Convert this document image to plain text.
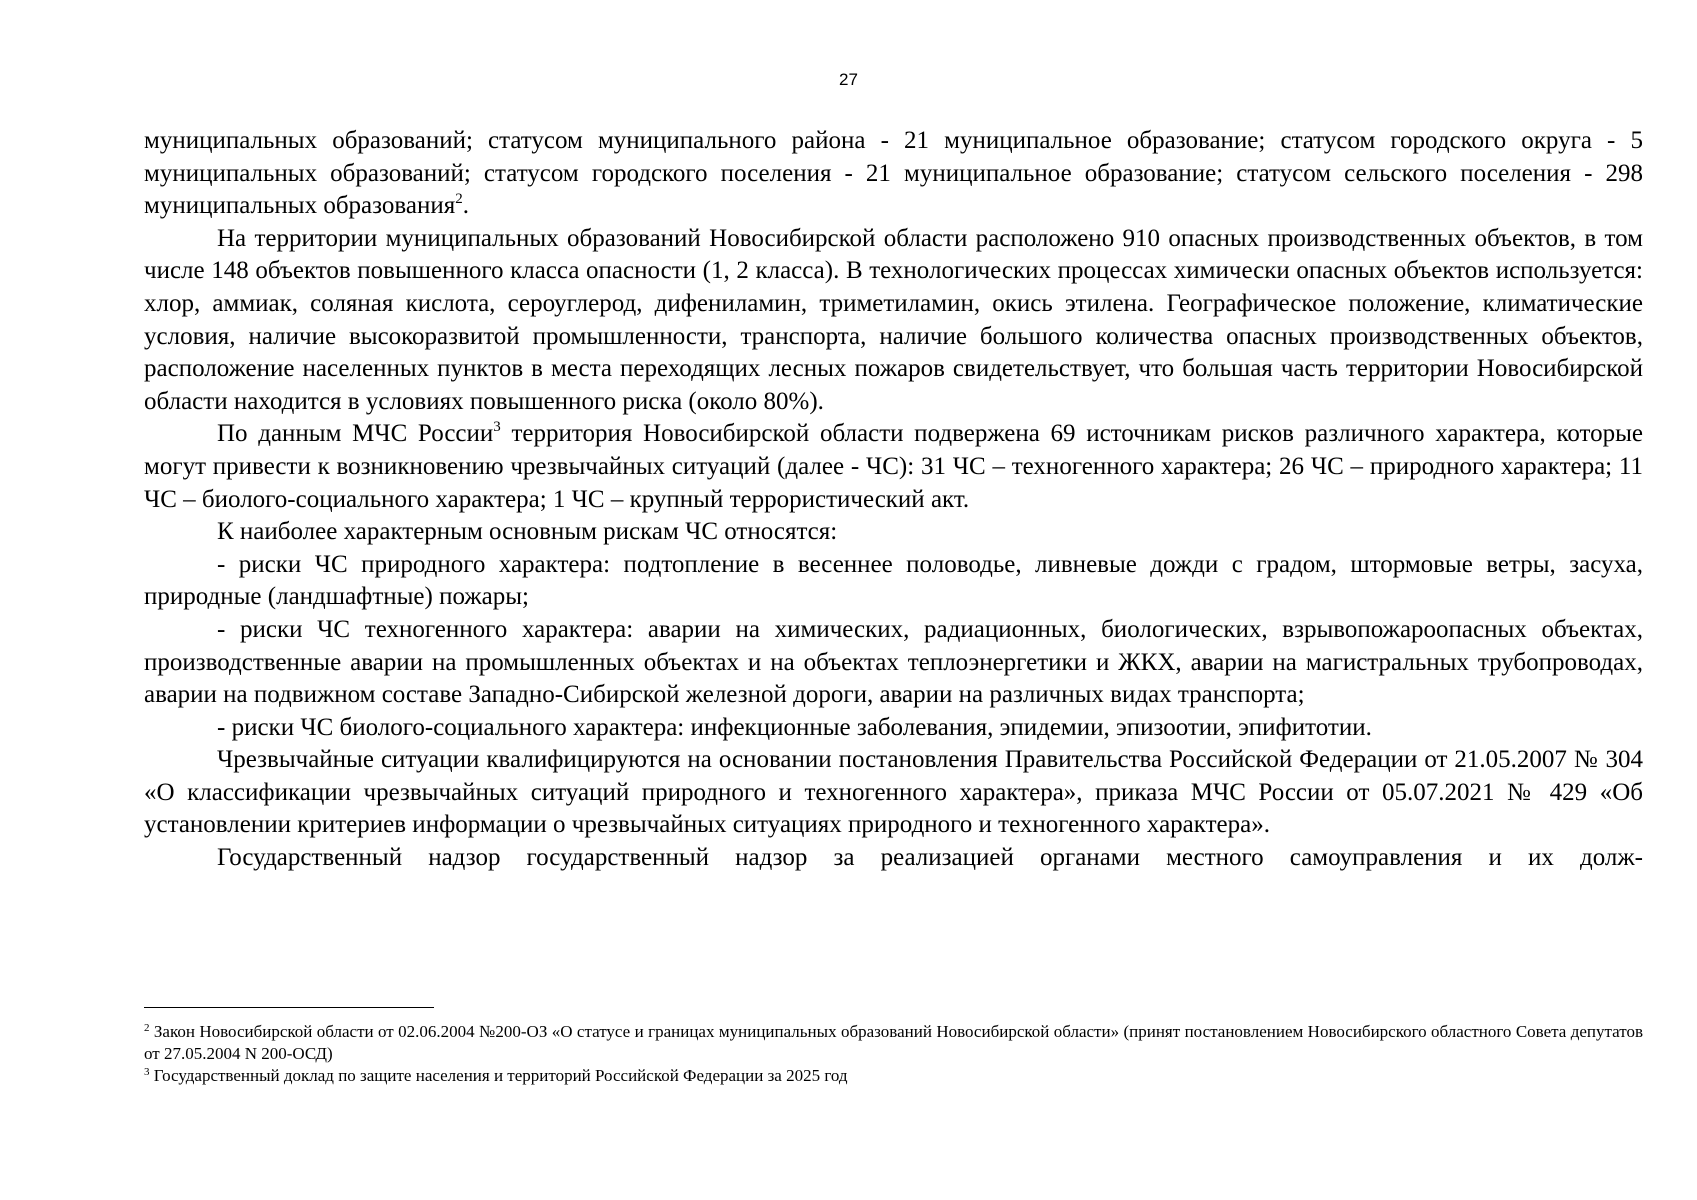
27

муниципальных образований; статусом муниципального района - 21 муниципальное образование; статусом городского округа - 5 муниципальных образований; статусом городского поселения - 21 муниципальное образование; статусом сельского поселения - 298 муниципальных образования$^2$.

На территории муниципальных образований Новосибирской области расположено 910 опасных производственных объектов, в том числе 148 объектов повышенного класса опасности (1, 2 класса). В технологических процессах химически опасных объектов используется: хлор, аммиак, соляная кислота, сероуглерод, дифениламин, триметиламин, окись этилена. Географическое положение, климатические условия, наличие высокоразвитой промышленности, транспорта, наличие большого количества опасных производственных объектов, расположение населенных пунктов в места переходящих лесных пожаров свидетельствует, что большая часть территории Новосибирской области находится в условиях повышенного риска (около 80%).

По данным МЧС России$^3$ территория Новосибирской области подвержена 69 источникам рисков различного характера, которые могут привести к возникновению чрезвычайных ситуаций (далее - ЧС): 31 ЧС – техногенного характера; 26 ЧС – природного характера; 11 ЧС – биолого-социального характера; 1 ЧС – крупный террористический акт.

К наиболее характерным основным рискам ЧС относятся:

- риски ЧС природного характера: подтопление в весеннее половодье, ливневые дожди с градом, штормовые ветры, засуха, природные (ландшафтные) пожары;

- риски ЧС техногенного характера: аварии на химических, радиационных, биологических, взрывопожароопасных объектах, производственные аварии на промышленных объектах и на объектах теплоэнергетики и ЖКХ, аварии на магистральных трубопроводах, аварии на подвижном составе Западно-Сибирской железной дороги, аварии на различных видах транспорта;

- риски ЧС биолого-социального характера: инфекционные заболевания, эпидемии, эпизоотии, эпифитотии.

Чрезвычайные ситуации квалифицируются на основании постановления Правительства Российской Федерации от 21.05.2007 № 304 «О классификации чрезвычайных ситуаций природного и техногенного характера», приказа МЧС России от 05.07.2021 № 429 «Об установлении критериев информации о чрезвычайных ситуациях природного и техногенного характера».

Государственный надзор государственный надзор за реализацией органами местного самоуправления и их долж-

$^2$ Закон Новосибирской области от 02.06.2004 №200-ОЗ «О статусе и границах муниципальных образований Новосибирской области» (принят постановлением Новосибирского областного Совета депутатов от 27.05.2004 N 200-ОСД)

$^3$ Государственный доклад по защите населения и территорий Российской Федерации за 2025 год
